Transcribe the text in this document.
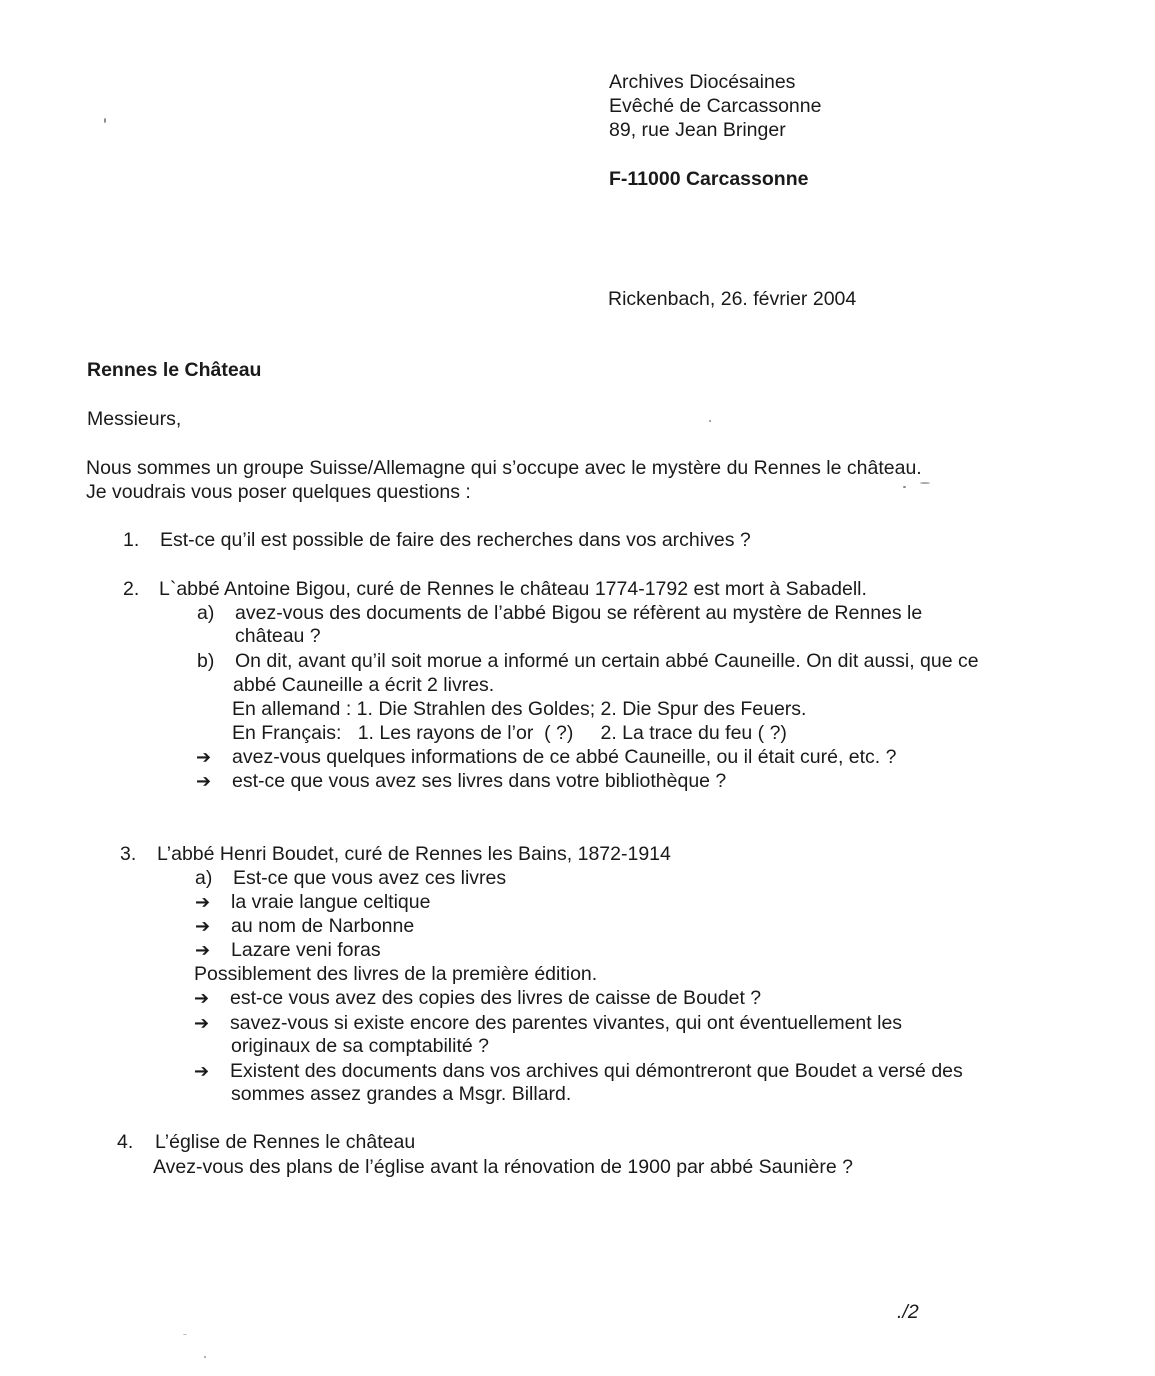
Archives Diocésaines
Evêché de Carcassonne
89, rue Jean Bringer
F-11000 Carcassonne
Rickenbach, 26. février 2004
Rennes le Château
Messieurs,
Nous sommes un groupe Suisse/Allemagne qui s’occupe avec le mystère du Rennes le château.
Je voudrais vous poser quelques questions :
1. Est-ce qu’il est possible de faire des recherches dans vos archives ?
2. L`abbé Antoine Bigou, curé de Rennes le château 1774-1792 est mort à Sabadell.
a) avez-vous des documents de l’abbé Bigou se réfèrent au mystère de Rennes le
château ?
b) On dit, avant qu’il soit morue a informé un certain abbé Cauneille. On dit aussi, que ce
abbé Cauneille a écrit 2 livres.
En allemand : 1. Die Strahlen des Goldes; 2. Die Spur des Feuers.
En Français:   1. Les rayons de l’or  ( ?)     2. La trace du feu ( ?)
➔ avez-vous quelques informations de ce abbé Cauneille, ou il était curé, etc. ?
➔ est-ce que vous avez ses livres dans votre bibliothèque ?
3. L’abbé Henri Boudet, curé de Rennes les Bains, 1872-1914
a) Est-ce que vous avez ces livres
➔ la vraie langue celtique
➔ au nom de Narbonne
➔ Lazare veni foras
Possiblement des livres de la première édition.
➔ est-ce vous avez des copies des livres de caisse de Boudet ?
➔ savez-vous si existe encore des parentes vivantes, qui ont éventuellement les
originaux de sa comptabilité ?
➔ Existent des documents dans vos archives qui démontreront que Boudet a versé des
sommes assez grandes a Msgr. Billard.
4. L’église de Rennes le château
Avez-vous des plans de l’église avant la rénovation de 1900 par abbé Saunière ?
./2
